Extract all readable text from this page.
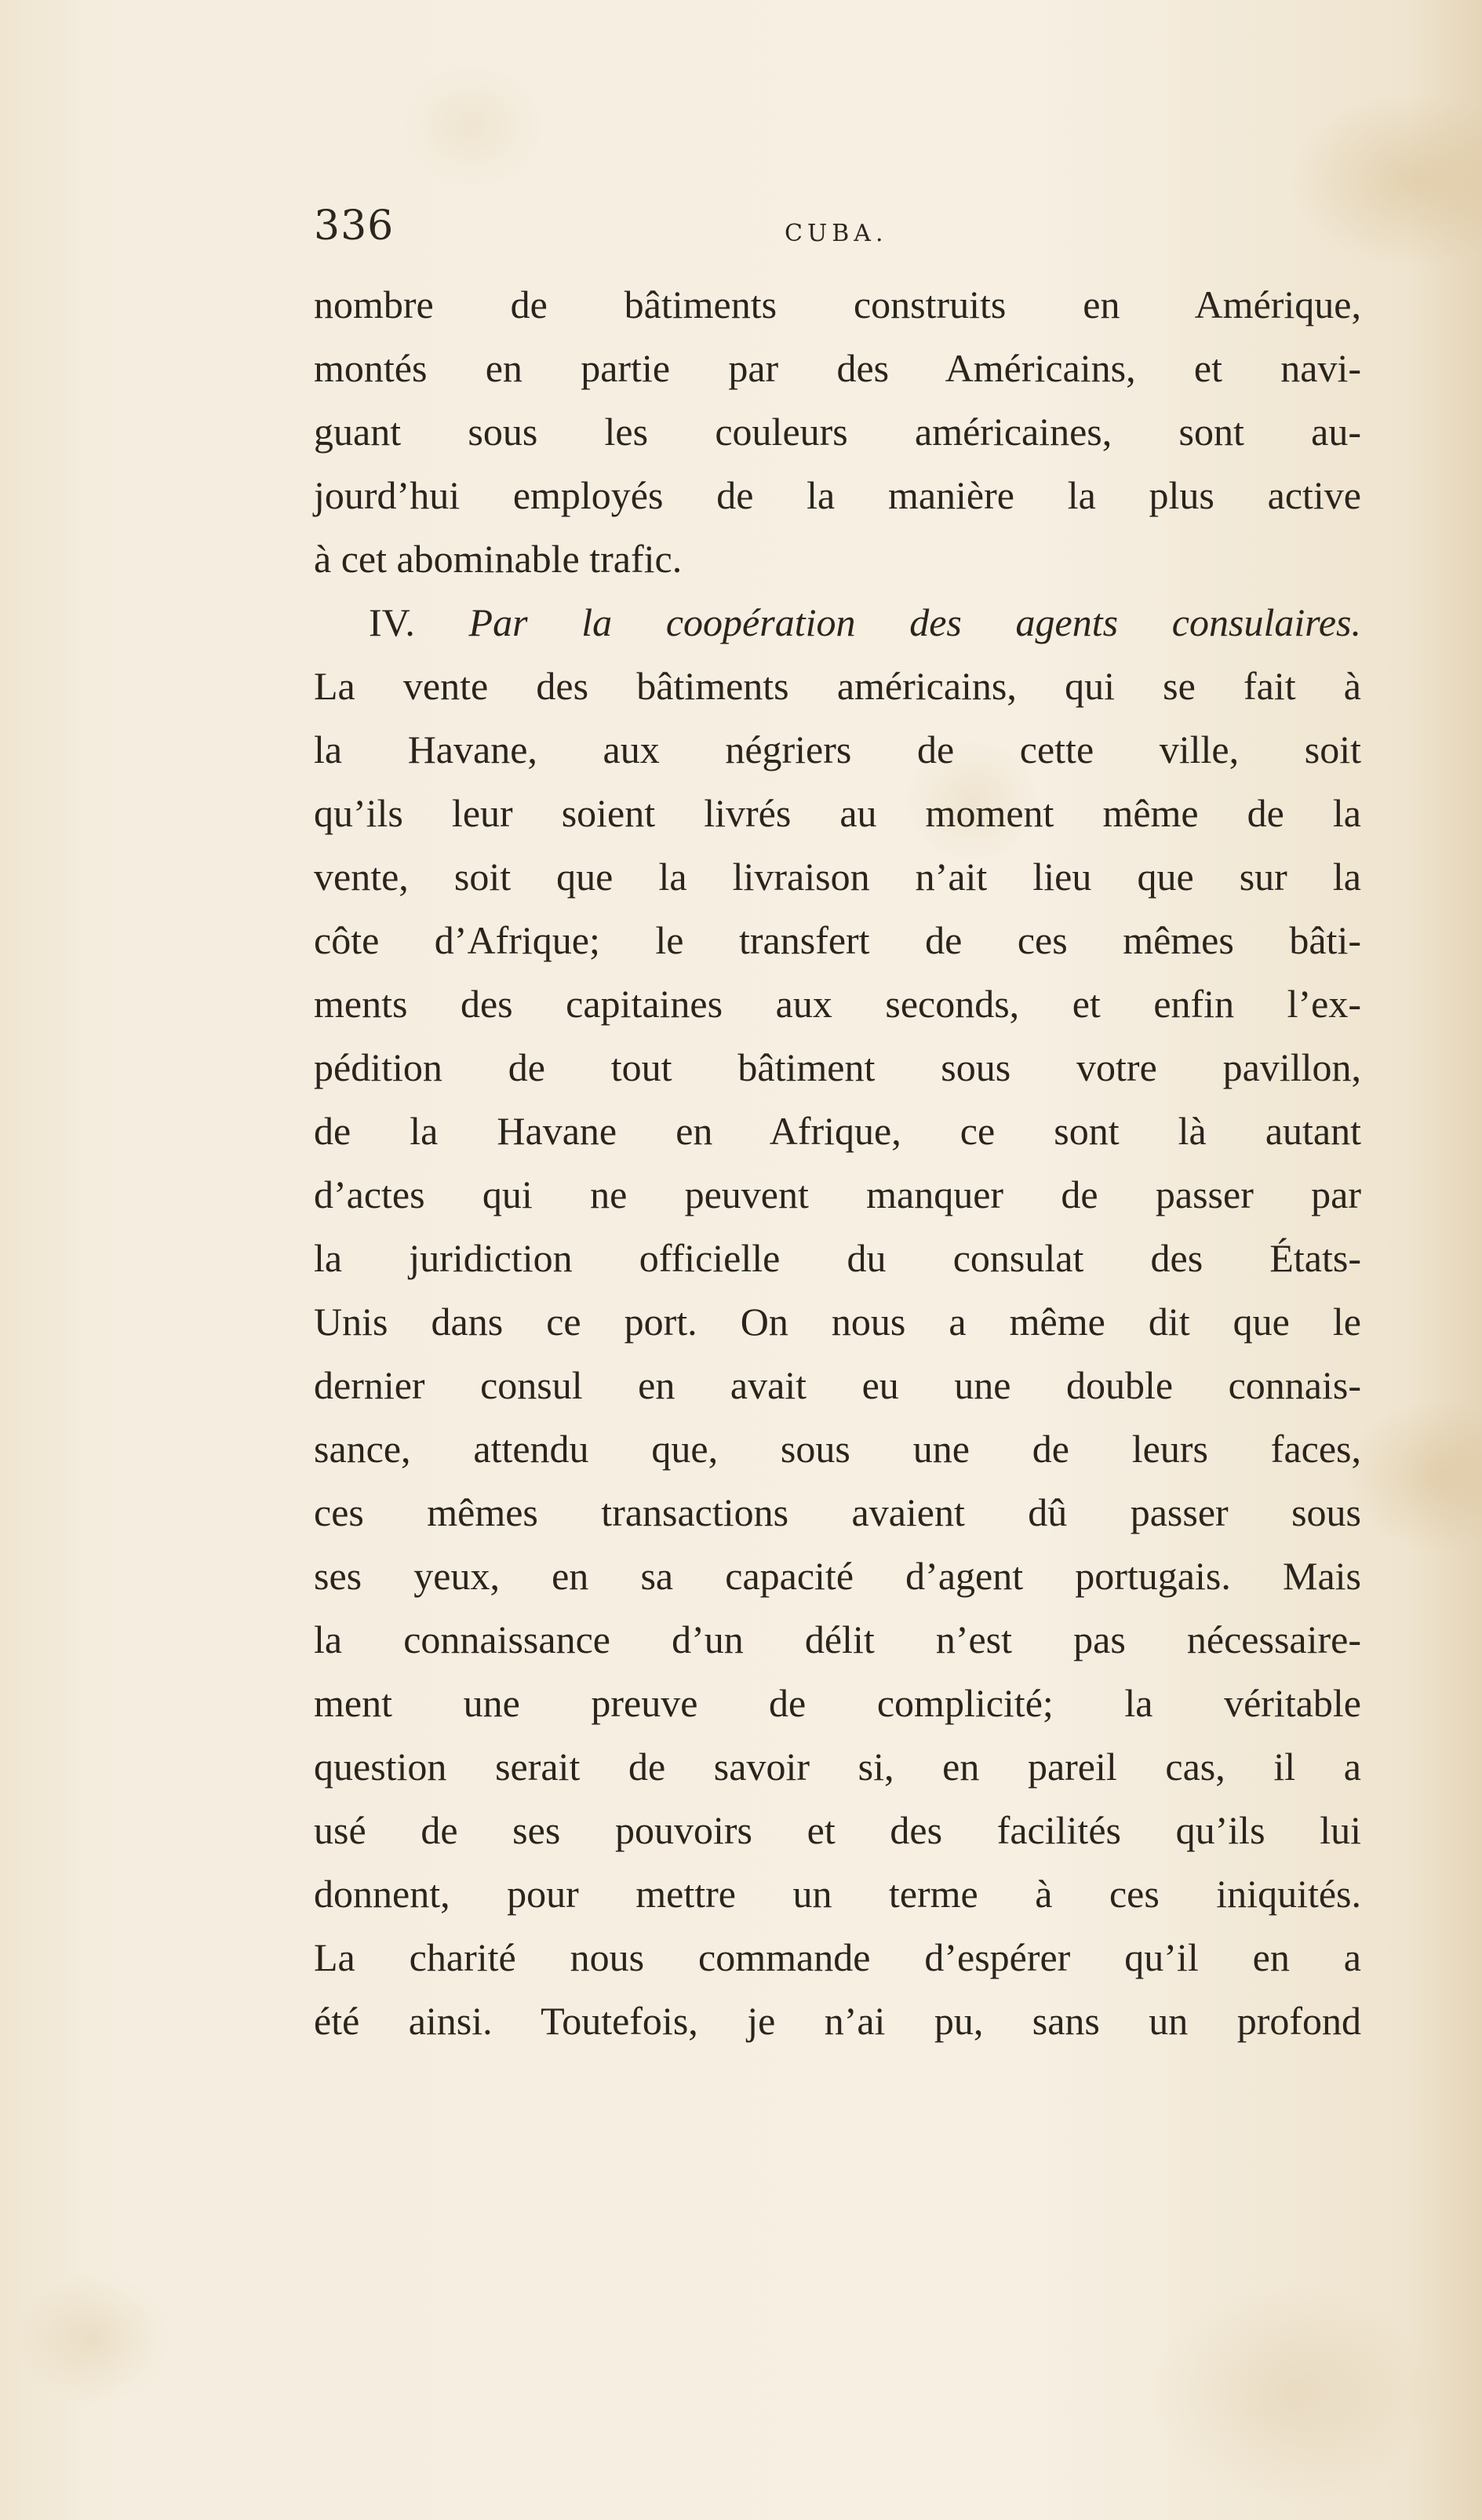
336	CUBA.
nombre de bâtiments construits en Amérique,
montés en partie par des Américains, et navi-
guant sous les couleurs américaines, sont au-
jourd’hui employés de la manière la plus active
à cet abominable trafic.
IV. Par la coopération des agents consulaires.
La vente des bâtiments américains, qui se fait à
la Havane, aux négriers de cette ville, soit
qu’ils leur soient livrés au moment même de la
vente, soit que la livraison n’ait lieu que sur la
côte d’Afrique; le transfert de ces mêmes bâti-
ments des capitaines aux seconds, et enfin l’ex-
pédition de tout bâtiment sous votre pavillon,
de la Havane en Afrique, ce sont là autant
d’actes qui ne peuvent manquer de passer par
la juridiction officielle du consulat des États-
Unis dans ce port. On nous a même dit que le
dernier consul en avait eu une double connais-
sance, attendu que, sous une de leurs faces,
ces mêmes transactions avaient dû passer sous
ses yeux, en sa capacité d’agent portugais. Mais
la connaissance d’un délit n’est pas nécessaire-
ment une preuve de complicité; la véritable
question serait de savoir si, en pareil cas, il a
usé de ses pouvoirs et des facilités qu’ils lui
donnent, pour mettre un terme à ces iniquités.
La charité nous commande d’espérer qu’il en a
été ainsi. Toutefois, je n’ai pu, sans un profond
